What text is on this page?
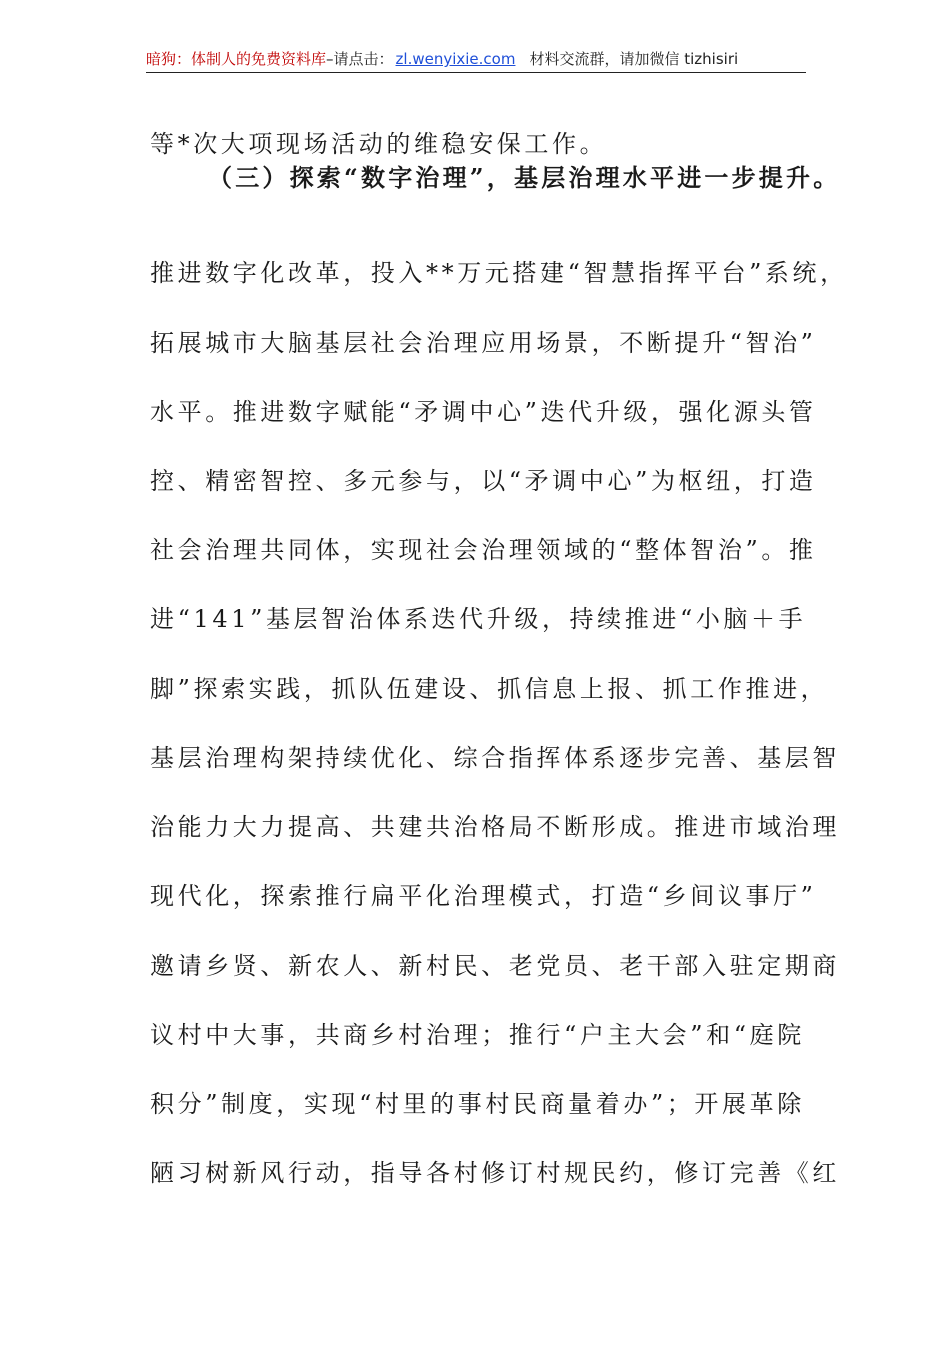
暗狗：体制人的免费资料库–请点击： zl.wenyixie.com 材料交流群，请加微信 tizhisiri
等*次大项现场活动的维稳安保工作。
（三）探索“数字治理”，基层治理水平进一步提升。
推进数字化改革，投入**万元搭建“智慧指挥平台”系统，
拓展城市大脑基层社会治理应用场景，不断提升“智治”
水平。推进数字赋能“矛调中心”迭代升级，强化源头管
控、精密智控、多元参与，以“矛调中心”为枢纽，打造
社会治理共同体，实现社会治理领域的“整体智治”。推
进“141”基层智治体系迭代升级，持续推进“小脑＋手
脚”探索实践，抓队伍建设、抓信息上报、抓工作推进，
基层治理构架持续优化、综合指挥体系逐步完善、基层智
治能力大力提高、共建共治格局不断形成。推进市域治理
现代化，探索推行扁平化治理模式，打造“乡间议事厅”
邀请乡贤、新农人、新村民、老党员、老干部入驻定期商
议村中大事，共商乡村治理；推行“户主大会”和“庭院
积分”制度，实现“村里的事村民商量着办”；开展革除
陋习树新风行动，指导各村修订村规民约，修订完善《红
